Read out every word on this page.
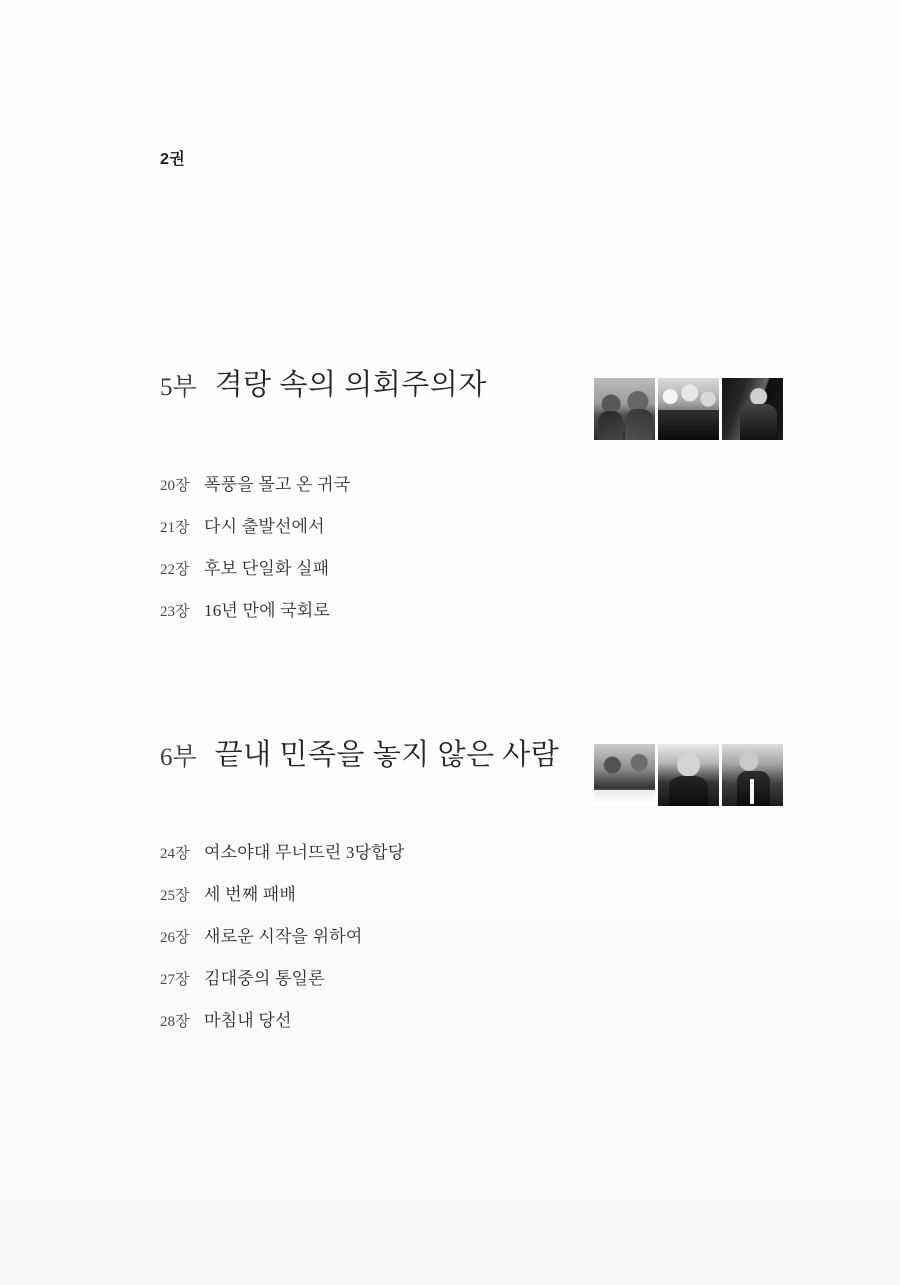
2권
5부 격랑 속의 의회주의자
20장 폭풍을 몰고 온 귀국
21장 다시 출발선에서
22장 후보 단일화 실패
23장 16년 만에 국회로
6부 끝내 민족을 놓지 않은 사람
24장 여소야대 무너뜨린 3당합당
25장 세 번째 패배
26장 새로운 시작을 위하여
27장 김대중의 통일론
28장 마침내 당선
